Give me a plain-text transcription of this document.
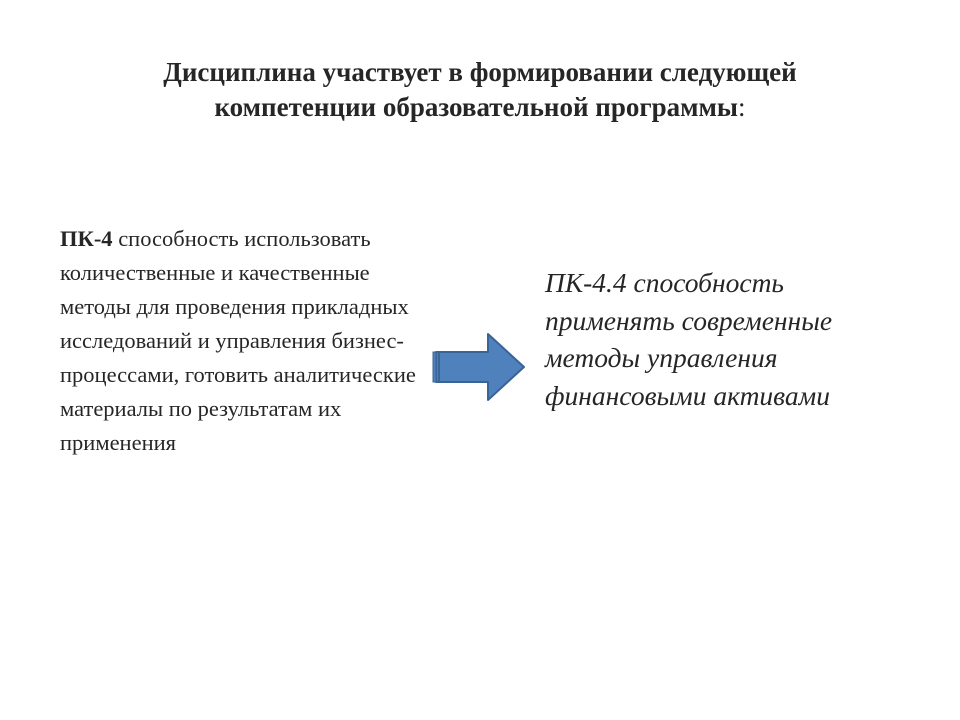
Дисциплина участвует в формировании следующей
компетенции образовательной программы:
ПК-4 способность использовать количественные и качественные методы для проведения прикладных исследований и управления бизнес-процессами, готовить аналитические материалы по результатам их применения
ПК-4.4 способность применять современные методы управления финансовыми активами
